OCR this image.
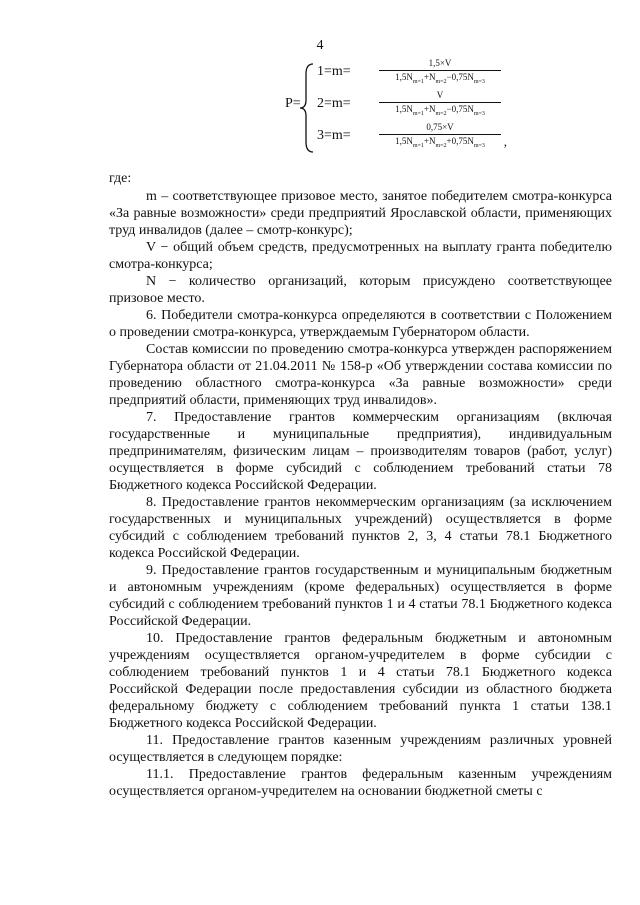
4
P=
1=m=
1,5×V
$1,5N_{m=1}+N_{m=2}-0,75N_{m=3}$
2=m=
V
$1,5N_{m=1}+N_{m=2}-0,75N_{m=3}$
3=m=
0,75×V
$1,5N_{m=1}+N_{m=2}+0,75N_{m=3}$	,

где:

m – соответствующее призовое место, занятое победителем смотра-конкурса «За равные возможности» среди предприятий Ярославской области, применяющих труд инвалидов (далее – смотр-конкурс);

V − общий объем средств, предусмотренных на выплату гранта победителю смотра-конкурса;

N − количество организаций, которым присуждено соответствующее призовое место.

6. Победители смотра-конкурса определяются в соответствии с Положением о проведении смотра-конкурса, утверждаемым Губернатором области.

Состав комиссии по проведению смотра-конкурса утвержден распоряжением Губернатора области от 21.04.2011 № 158-р «Об утверждении состава комиссии по проведению областного смотра-конкурса «За равные возможности» среди предприятий области, применяющих труд инвалидов».

7. Предоставление грантов коммерческим организациям (включая государственные и муниципальные предприятия), индивидуальным предпринимателям, физическим лицам – производителям товаров (работ, услуг) осуществляется в форме субсидий с соблюдением требований статьи 78 Бюджетного кодекса Российской Федерации.

8. Предоставление грантов некоммерческим организациям (за исключением государственных и муниципальных учреждений) осуществляется в форме субсидий с соблюдением требований пунктов 2, 3, 4 статьи 78.1 Бюджетного кодекса Российской Федерации.

9. Предоставление грантов государственным и муниципальным бюджетным и автономным учреждениям (кроме федеральных) осуществляется в форме субсидий с соблюдением требований пунктов 1 и 4 статьи 78.1 Бюджетного кодекса Российской Федерации.

10. Предоставление грантов федеральным бюджетным и автономным учреждениям осуществляется органом-учредителем в форме субсидии с соблюдением требований пунктов 1 и 4 статьи 78.1 Бюджетного кодекса Российской Федерации после предоставления субсидии из областного бюджета федеральному бюджету с соблюдением требований пункта 1 статьи 138.1 Бюджетного кодекса Российской Федерации.

11. Предоставление грантов казенным учреждениям различных уровней осуществляется в следующем порядке:

11.1. Предоставление грантов федеральным казенным учреждениям осуществляется органом-учредителем на основании бюджетной сметы с
